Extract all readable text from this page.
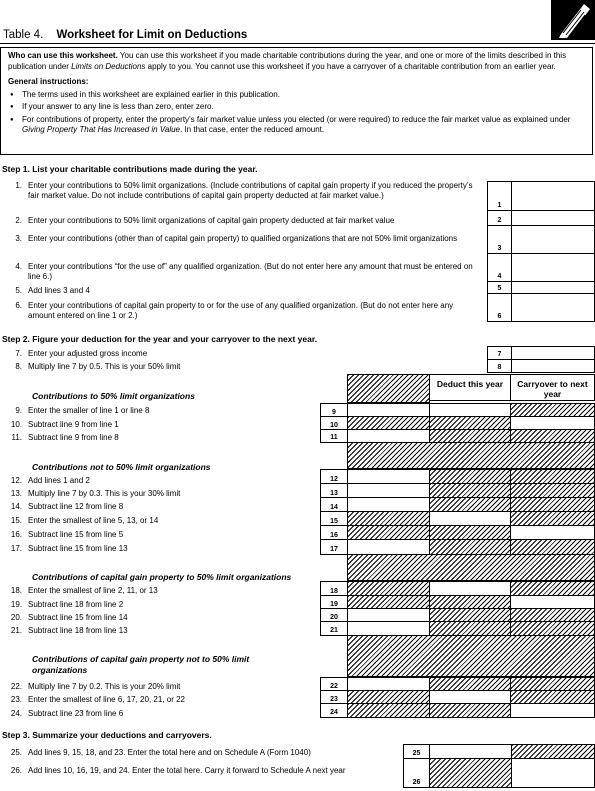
Table 4. Worksheet for Limit on Deductions

Who can use this worksheet. You can use this worksheet if you made charitable contributions during the year, and one or more of the limits described in this publication under Limits on Deductions apply to you. You cannot use this worksheet if you have a carryover of a charitable contribution from an earlier year.

General instructions:

● The terms used in this worksheet are explained earlier in this publication.
● If your answer to any line is less than zero, enter zero.
● For contributions of property, enter the property’s fair market value unless you elected (or were required) to reduce the fair market value as explained under Giving Property That Has Increased in Value. In that case, enter the reduced amount.
Step 1. List your charitable contributions made during the year.
1. Enter your contributions to 50% limit organizations. (Include contributions of capital gain property if you reduced the property’s fair market value. Do not include contributions of capital gain property deducted at fair market value.)
2. Enter your contributions to 50% limit organizations of capital gain property deducted at fair market value
3. Enter your contributions (other than of capital gain property) to qualified organizations that are not 50% limit organizations
4. Enter your contributions “for the use of” any qualified organization. (But do not enter here any amount that must be entered on line 6.)
5. Add lines 3 and 4
6. Enter your contributions of capital gain property to or for the use of any qualified organization. (But do not enter here any amount entered on line 1 or 2.)
1
2
3
4
5
6
Step 2. Figure your deduction for the year and your carryover to the next year.
7. Enter your adjusted gross income
8. Multiply line 7 by 0.5. This is your 50% limit
7
8
Deduct this year	Carryover to next year
Contributions to 50% limit organizations
Contributions not to 50% limit organizations
Contributions of capital gain property to 50% limit organizations
Contributions of capital gain property not to 50% limit organizations
9. Enter the smaller of line 1 or line 8
10. Subtract line 9 from line 1
11. Subtract line 9 from line 8
12. Add lines 1 and 2
13. Multiply line 7 by 0.3. This is your 30% limit
14. Subtract line 12 from line 8
15. Enter the smallest of line 5, 13, or 14
16. Subtract line 15 from line 5
17. Subtract line 15 from line 13
18. Enter the smallest of line 2, 11, or 13
19. Subtract line 18 from line 2
20. Subtract line 15 from line 14
21. Subtract line 18 from line 13
22. Multiply line 7 by 0.2. This is your 20% limit
23. Enter the smallest of line 6, 17, 20, 21, or 22
24. Subtract line 23 from line 6
9
10
11
12
13
14
15
16
17
18
19
20
21
22
23
24
Step 3. Summarize your deductions and carryovers.
25. Add lines 9, 15, 18, and 23. Enter the total here and on Schedule A (Form 1040)
26. Add lines 10, 16, 19, and 24. Enter the total here. Carry it forward to Schedule A next year
25
26
